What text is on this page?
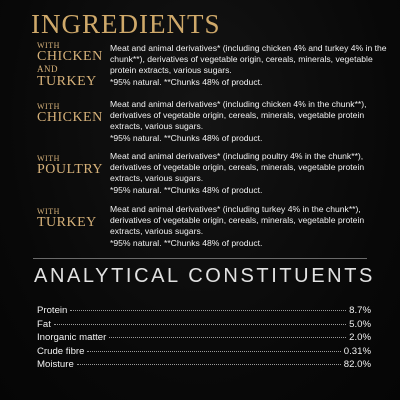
INGREDIENTS
WITH
CHICKEN
AND
TURKEY
Meat and animal derivatives* (including chicken 4% and turkey 4% in the chunk**), derivatives of vegetable origin, cereals, minerals, vegetable protein extracts, various sugars.
*95% natural. **Chunks 48% of product.
WITH
CHICKEN
Meat and animal derivatives* (including chicken 4% in the chunk**), derivatives of vegetable origin, cereals, minerals, vegetable protein extracts, various sugars.
*95% natural. **Chunks 48% of product.
WITH
POULTRY
Meat and animal derivatives* (including poultry 4% in the chunk**), derivatives of vegetable origin, cereals, minerals, vegetable protein extracts, various sugars.
*95% natural. **Chunks 48% of product.
WITH
TURKEY
Meat and animal derivatives* (including turkey 4% in the chunk**), derivatives of vegetable origin, cereals, minerals, vegetable protein extracts, various sugars.
*95% natural. **Chunks 48% of product.
ANALYTICAL CONSTITUENTS
Protein	8.7%
Fat	5.0%
Inorganic matter	2.0%
Crude fibre	0.31%
Moisture	82.0%
